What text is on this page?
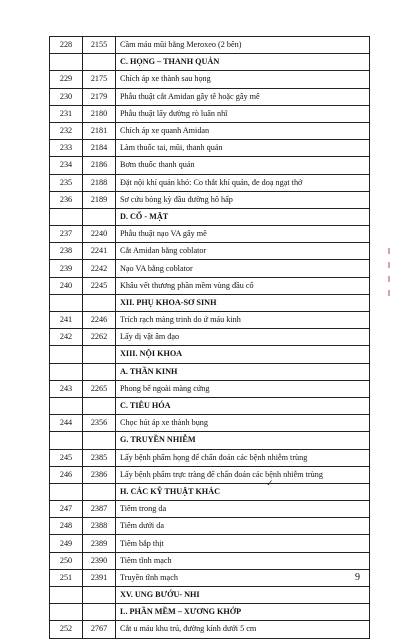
228	2155	Cầm máu mũi bằng Meroxeo (2 bên)
		C. HỌNG – THANH QUẢN
229	2175	Chích áp xe thành sau họng
230	2179	Phẫu thuật cắt Amidan gây tê hoặc gây mê
231	2180	Phẫu thuật lấy đường rò luân nhĩ
232	2181	Chích áp xe quanh Amidan
233	2184	Làm thuốc tai, mũi, thanh quản
234	2186	Bơm thuốc thanh quản
235	2188	Đặt nội khí quản khó: Co thắt khí quản, đe doạ ngạt thở
236	2189	Sơ cứu bỏng kỳ đầu đường hô hấp
		D. CỔ - MẶT
237	2240	Phẫu thuật nạo VA gây mê
238	2241	Cắt Amidan bằng coblator
239	2242	Nạo VA bằng coblator
240	2245	Khâu vết thương phần mềm vùng đầu cổ
		XII. PHỤ KHOA-SƠ SINH
241	2246	Trích rạch màng trinh do ứ máu kinh
242	2262	Lấy dị vật âm đạo
		XIII. NỘI KHOA
		A. THẦN KINH
243	2265	Phong bế ngoài màng cứng
		C. TIÊU HÓA
244	2356	Chọc hút áp xe thành bụng
		G. TRUYỀN NHIỄM
245	2385	Lấy bệnh phẩm họng để chẩn đoán các bệnh nhiễm trùng
246	2386	Lấy bệnh phẩm trực tràng để chẩn đoán các bệnh nhiễm trùng
		H. CÁC KỸ THUẬT KHÁC
247	2387	Tiêm trong da
248	2388	Tiêm dưới da
249	2389	Tiêm bắp thịt
250	2390	Tiêm tĩnh mạch
251	2391	Truyền tĩnh mạch
		XV. UNG BƯỚU- NHI
		L. PHẦN MỀM – XƯƠNG KHỚP
252	2767	Cắt u máu khu trú, đường kính dưới 5 cm
✓
9
